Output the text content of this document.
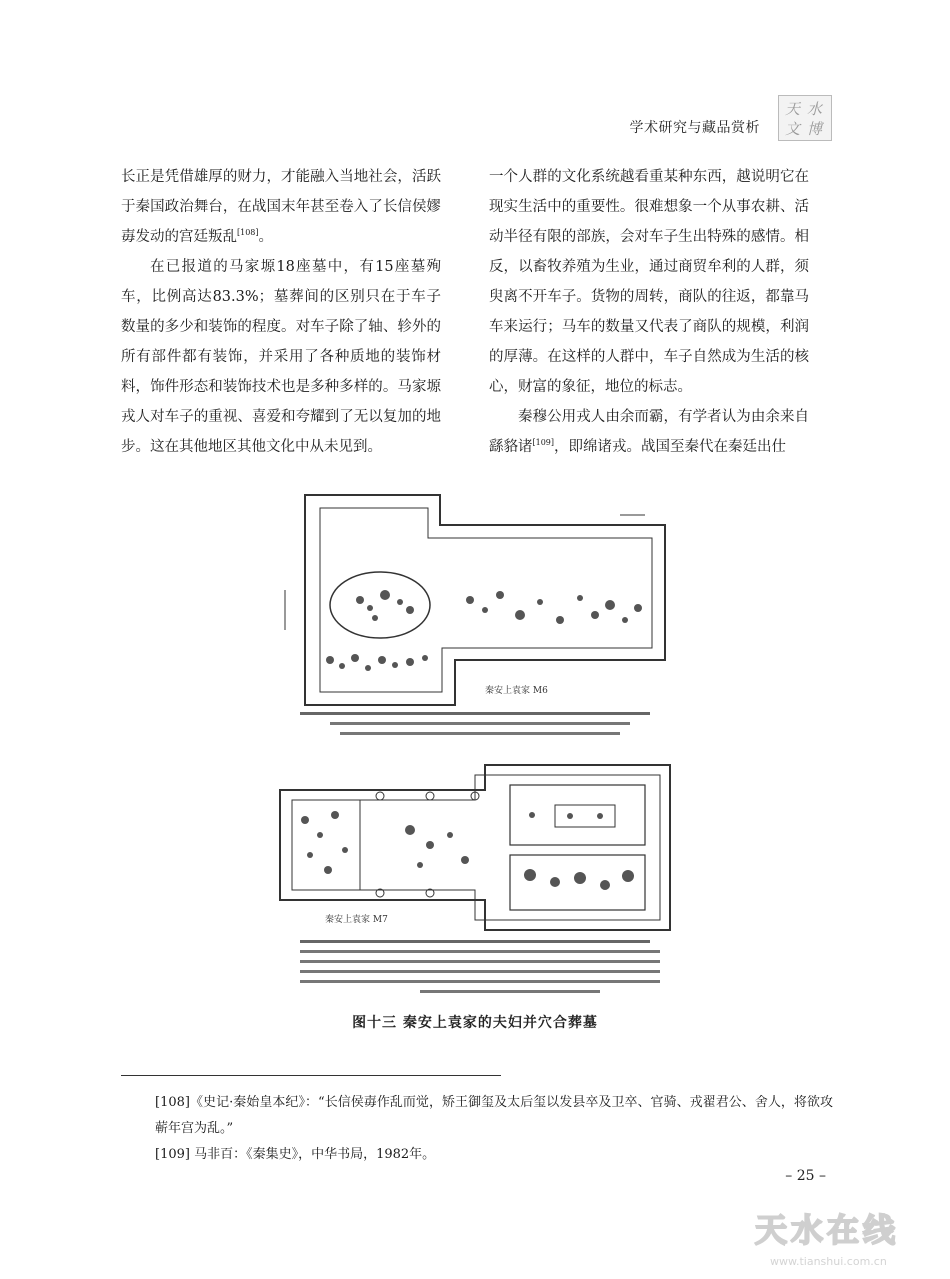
学术研究与藏品赏析
天 水
文 博

长正是凭借雄厚的财力，才能融入当地社会，活跃于秦国政治舞台，在战国末年甚至卷入了长信侯嫪毐发动的宫廷叛乱[108]。

在已报道的马家塬18座墓中，有15座墓殉车，比例高达83.3%；墓葬间的区别只在于车子数量的多少和装饰的程度。对车子除了轴、轸外的所有部件都有装饰，并采用了各种质地的装饰材料，饰件形态和装饰技术也是多种多样的。马家塬戎人对车子的重视、喜爱和夸耀到了无以复加的地步。这在其他地区其他文化中从未见到。

一个人群的文化系统越看重某种东西，越说明它在现实生活中的重要性。很难想象一个从事农耕、活动半径有限的部族，会对车子生出特殊的感情。相反，以畜牧养殖为生业，通过商贸牟利的人群，须臾离不开车子。货物的周转，商队的往返，都靠马车来运行；马车的数量又代表了商队的规模，利润的厚薄。在这样的人群中，车子自然成为生活的核心，财富的象征，地位的标志。

秦穆公用戎人由余而霸，有学者认为由余来自繇貉诸[109]，即绵诸戎。战国至秦代在秦廷出仕

秦安上袁家 M6
秦安上袁家 M7
图十三 秦安上袁家的夫妇并穴合葬墓

[108]《史记·秦始皇本纪》：“长信侯毐作乱而觉，矫王御玺及太后玺以发县卒及卫卒、官骑、戎翟君公、舍人，将欲攻蕲年宫为乱。”

[109] 马非百：《秦集史》，中华书局，1982年。

– 25 –
天水在线
www.tianshui.com.cn
